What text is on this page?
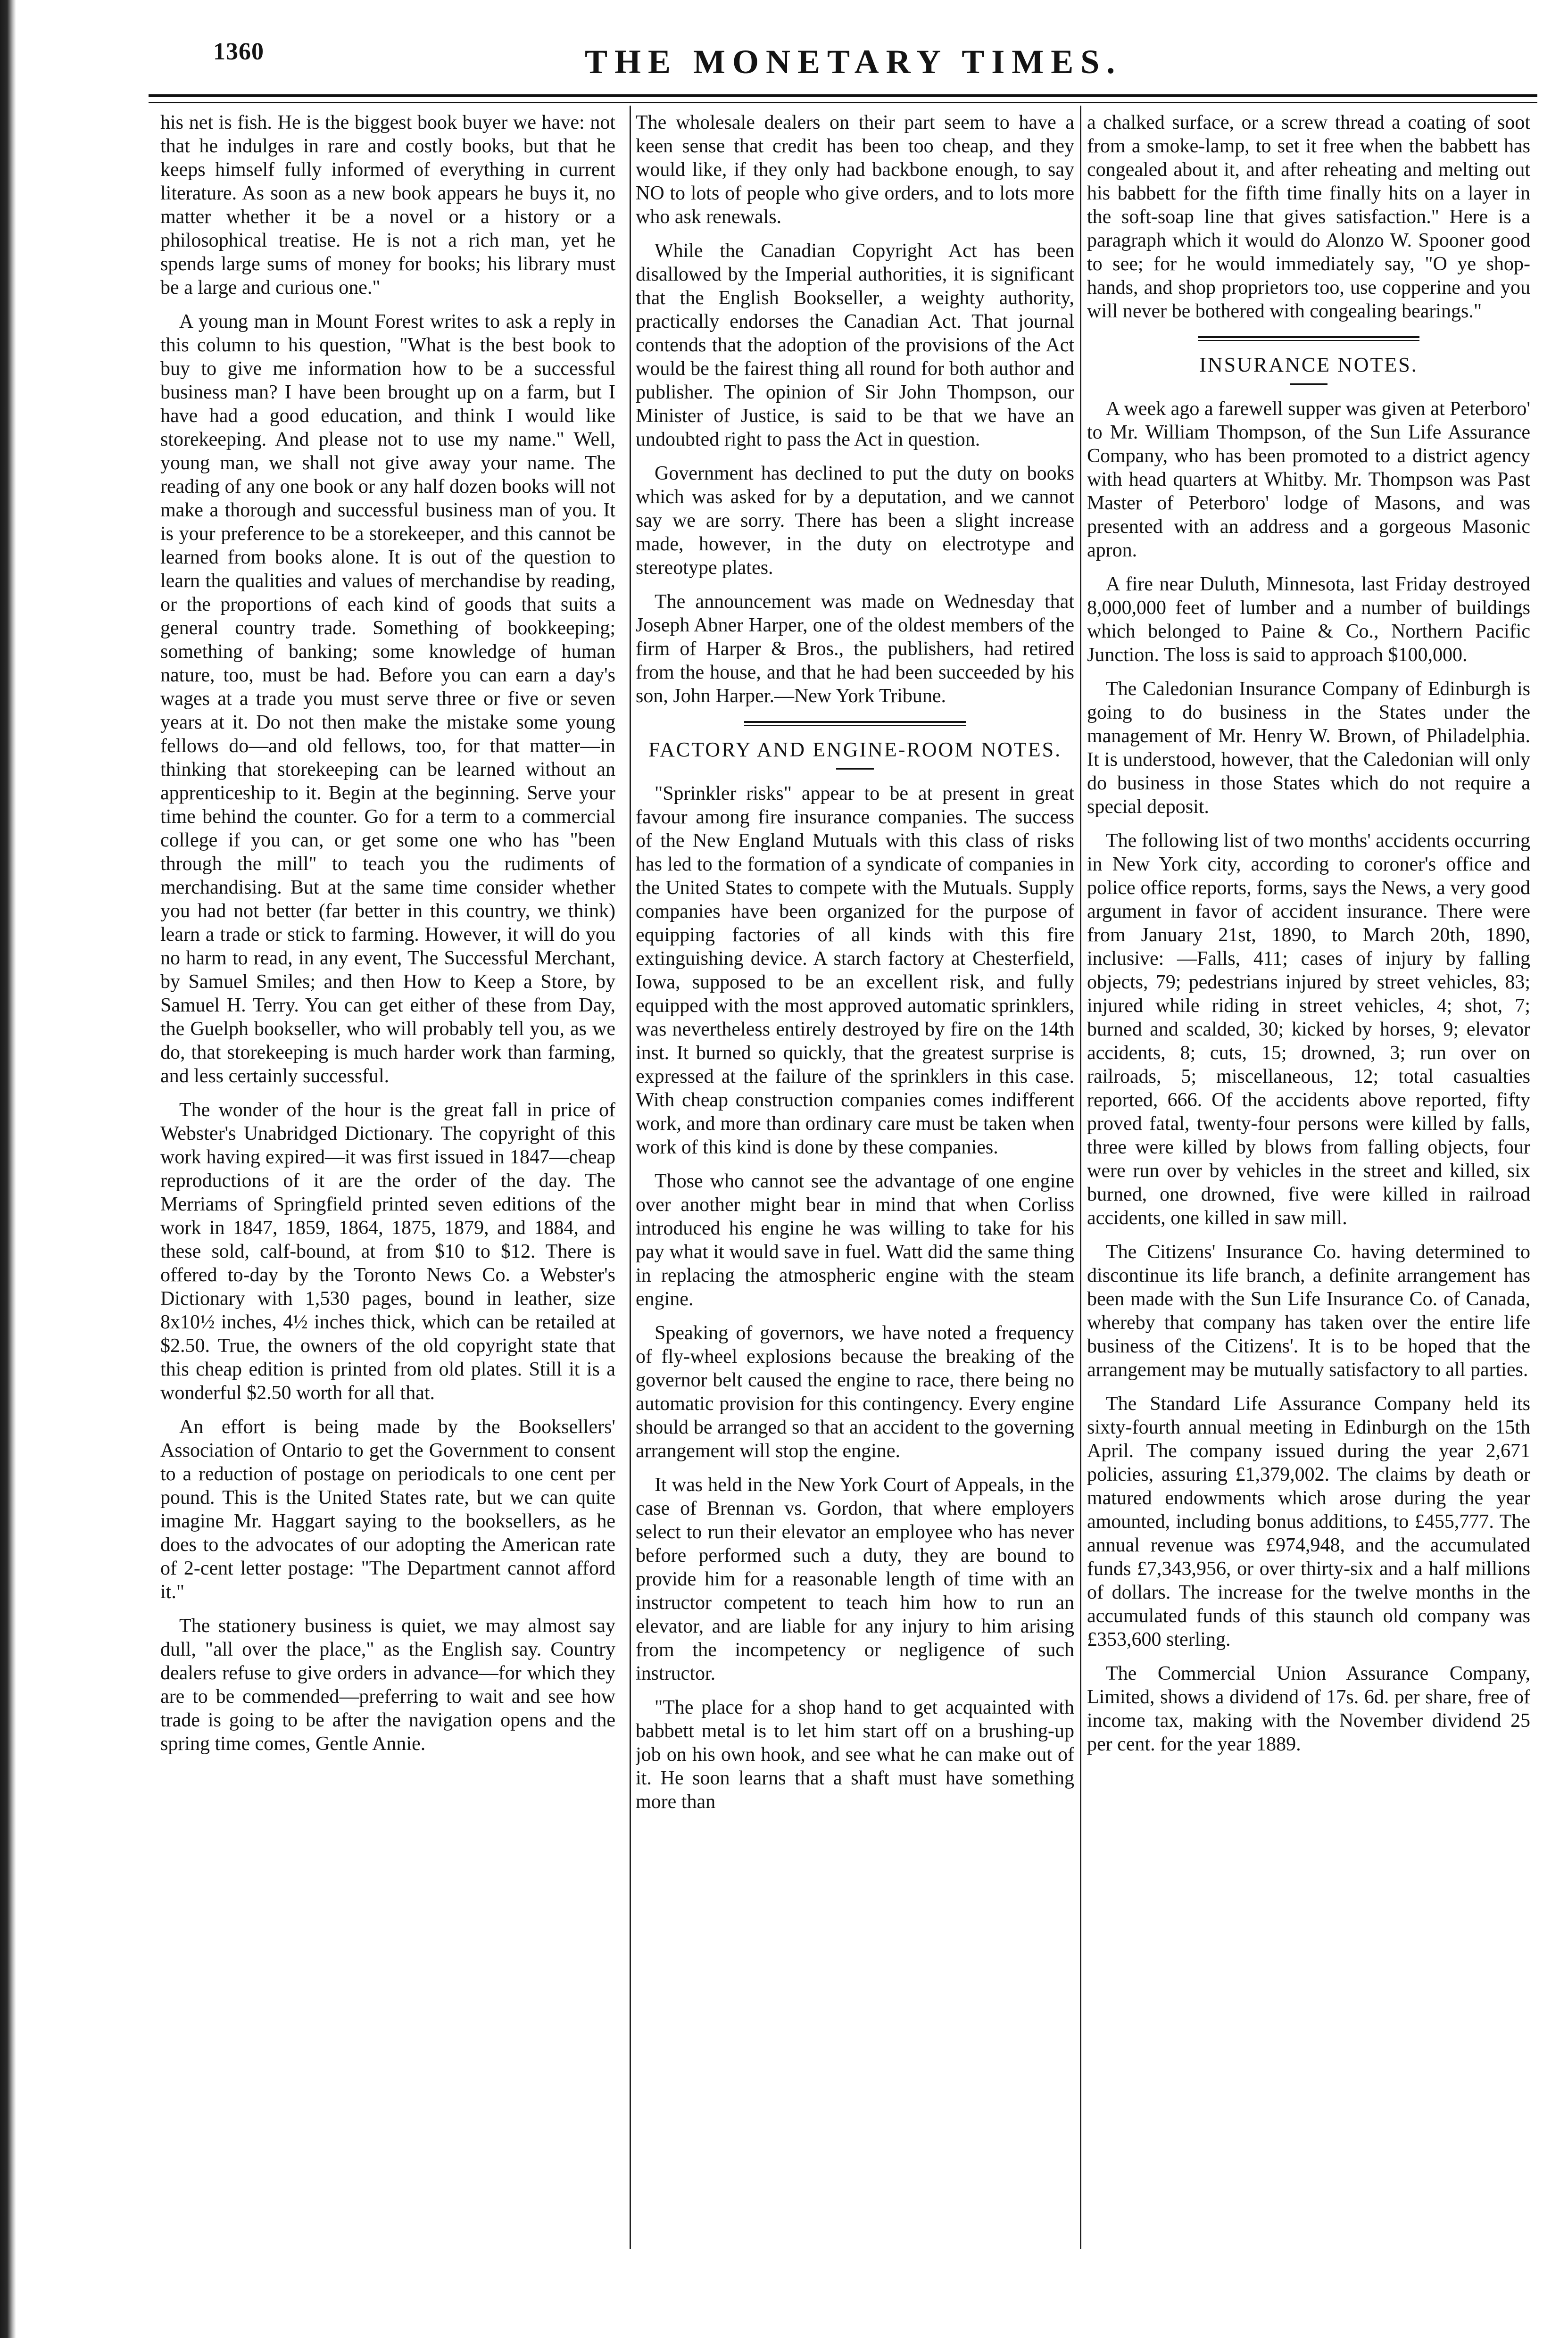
1360	THE MONETARY TIMES.

his net is fish. He is the biggest book buyer we have: not that he indulges in rare and costly books, but that he keeps himself fully informed of everything in current literature. As soon as a new book appears he buys it, no matter whether it be a novel or a history or a philosophical treatise. He is not a rich man, yet he spends large sums of money for books; his library must be a large and curious one."

A young man in Mount Forest writes to ask a reply in this column to his question, "What is the best book to buy to give me information how to be a successful business man? I have been brought up on a farm, but I have had a good education, and think I would like storekeeping. And please not to use my name." Well, young man, we shall not give away your name. The reading of any one book or any half dozen books will not make a thorough and successful business man of you. It is your preference to be a storekeeper, and this cannot be learned from books alone. It is out of the question to learn the qualities and values of merchandise by reading, or the proportions of each kind of goods that suits a general country trade. Something of bookkeeping; something of banking; some knowledge of human nature, too, must be had. Before you can earn a day's wages at a trade you must serve three or five or seven years at it. Do not then make the mistake some young fellows do—and old fellows, too, for that matter—in thinking that storekeeping can be learned without an apprenticeship to it. Begin at the beginning. Serve your time behind the counter. Go for a term to a commercial college if you can, or get some one who has "been through the mill" to teach you the rudiments of merchandising. But at the same time consider whether you had not better (far better in this country, we think) learn a trade or stick to farming. However, it will do you no harm to read, in any event, The Successful Merchant, by Samuel Smiles; and then How to Keep a Store, by Samuel H. Terry. You can get either of these from Day, the Guelph bookseller, who will probably tell you, as we do, that storekeeping is much harder work than farming, and less certainly successful.

The wonder of the hour is the great fall in price of Webster's Unabridged Dictionary. The copyright of this work having expired—it was first issued in 1847—cheap reproductions of it are the order of the day. The Merriams of Springfield printed seven editions of the work in 1847, 1859, 1864, 1875, 1879, and 1884, and these sold, calf-bound, at from $10 to $12. There is offered to-day by the Toronto News Co. a Webster's Dictionary with 1,530 pages, bound in leather, size 8x10½ inches, 4½ inches thick, which can be retailed at $2.50. True, the owners of the old copyright state that this cheap edition is printed from old plates. Still it is a wonderful $2.50 worth for all that.

An effort is being made by the Booksellers' Association of Ontario to get the Government to consent to a reduction of postage on periodicals to one cent per pound. This is the United States rate, but we can quite imagine Mr. Haggart saying to the booksellers, as he does to the advocates of our adopting the American rate of 2-cent letter postage: "The Department cannot afford it."

The stationery business is quiet, we may almost say dull, "all over the place," as the English say. Country dealers refuse to give orders in advance—for which they are to be commended—preferring to wait and see how trade is going to be after the navigation opens and the spring time comes, Gentle Annie.

The wholesale dealers on their part seem to have a keen sense that credit has been too cheap, and they would like, if they only had backbone enough, to say NO to lots of people who give orders, and to lots more who ask renewals.

While the Canadian Copyright Act has been disallowed by the Imperial authorities, it is significant that the English Bookseller, a weighty authority, practically endorses the Canadian Act. That journal contends that the adoption of the provisions of the Act would be the fairest thing all round for both author and publisher. The opinion of Sir John Thompson, our Minister of Justice, is said to be that we have an undoubted right to pass the Act in question.

Government has declined to put the duty on books which was asked for by a deputation, and we cannot say we are sorry. There has been a slight increase made, however, in the duty on electrotype and stereotype plates.

The announcement was made on Wednesday that Joseph Abner Harper, one of the oldest members of the firm of Harper & Bros., the publishers, had retired from the house, and that he had been succeeded by his son, John Harper.—New York Tribune.

FACTORY AND ENGINE-ROOM NOTES.

"Sprinkler risks" appear to be at present in great favour among fire insurance companies. The success of the New England Mutuals with this class of risks has led to the formation of a syndicate of companies in the United States to compete with the Mutuals. Supply companies have been organized for the purpose of equipping factories of all kinds with this fire extinguishing device. A starch factory at Chesterfield, Iowa, supposed to be an excellent risk, and fully equipped with the most approved automatic sprinklers, was nevertheless entirely destroyed by fire on the 14th inst. It burned so quickly, that the greatest surprise is expressed at the failure of the sprinklers in this case. With cheap construction companies comes indifferent work, and more than ordinary care must be taken when work of this kind is done by these companies.

Those who cannot see the advantage of one engine over another might bear in mind that when Corliss introduced his engine he was willing to take for his pay what it would save in fuel. Watt did the same thing in replacing the atmospheric engine with the steam engine.

Speaking of governors, we have noted a frequency of fly-wheel explosions because the breaking of the governor belt caused the engine to race, there being no automatic provision for this contingency. Every engine should be arranged so that an accident to the governing arrangement will stop the engine.

It was held in the New York Court of Appeals, in the case of Brennan vs. Gordon, that where employers select to run their elevator an employee who has never before performed such a duty, they are bound to provide him for a reasonable length of time with an instructor competent to teach him how to run an elevator, and are liable for any injury to him arising from the incompetency or negligence of such instructor.

"The place for a shop hand to get acquainted with babbett metal is to let him start off on a brushing-up job on his own hook, and see what he can make out of it. He soon learns that a shaft must have something more than

a chalked surface, or a screw thread a coating of soot from a smoke-lamp, to set it free when the babbett has congealed about it, and after reheating and melting out his babbett for the fifth time finally hits on a layer in the soft-soap line that gives satisfaction." Here is a paragraph which it would do Alonzo W. Spooner good to see; for he would immediately say, "O ye shop-hands, and shop proprietors too, use copperine and you will never be bothered with congealing bearings."

INSURANCE NOTES.

A week ago a farewell supper was given at Peterboro' to Mr. William Thompson, of the Sun Life Assurance Company, who has been promoted to a district agency with head quarters at Whitby. Mr. Thompson was Past Master of Peterboro' lodge of Masons, and was presented with an address and a gorgeous Masonic apron.

A fire near Duluth, Minnesota, last Friday destroyed 8,000,000 feet of lumber and a number of buildings which belonged to Paine & Co., Northern Pacific Junction. The loss is said to approach $100,000.

The Caledonian Insurance Company of Edinburgh is going to do business in the States under the management of Mr. Henry W. Brown, of Philadelphia. It is understood, however, that the Caledonian will only do business in those States which do not require a special deposit.

The following list of two months' accidents occurring in New York city, according to coroner's office and police office reports, forms, says the News, a very good argument in favor of accident insurance. There were from January 21st, 1890, to March 20th, 1890, inclusive: —Falls, 411; cases of injury by falling objects, 79; pedestrians injured by street vehicles, 83; injured while riding in street vehicles, 4; shot, 7; burned and scalded, 30; kicked by horses, 9; elevator accidents, 8; cuts, 15; drowned, 3; run over on railroads, 5; miscellaneous, 12; total casualties reported, 666. Of the accidents above reported, fifty proved fatal, twenty-four persons were killed by falls, three were killed by blows from falling objects, four were run over by vehicles in the street and killed, six burned, one drowned, five were killed in railroad accidents, one killed in saw mill.

The Citizens' Insurance Co. having determined to discontinue its life branch, a definite arrangement has been made with the Sun Life Insurance Co. of Canada, whereby that company has taken over the entire life business of the Citizens'. It is to be hoped that the arrangement may be mutually satisfactory to all parties.

The Standard Life Assurance Company held its sixty-fourth annual meeting in Edinburgh on the 15th April. The company issued during the year 2,671 policies, assuring £1,379,002. The claims by death or matured endowments which arose during the year amounted, including bonus additions, to £455,777. The annual revenue was £974,948, and the accumulated funds £7,343,956, or over thirty-six and a half millions of dollars. The increase for the twelve months in the accumulated funds of this staunch old company was £353,600 sterling.

The Commercial Union Assurance Company, Limited, shows a dividend of 17s. 6d. per share, free of income tax, making with the November dividend 25 per cent. for the year 1889.
